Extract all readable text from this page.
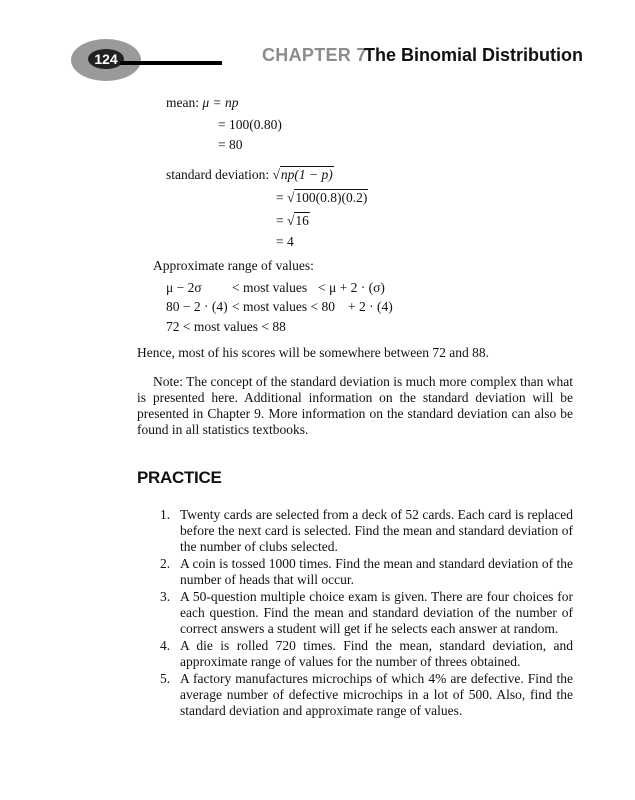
124	CHAPTER 7
The Binomial Distribution
mean: μ = np
= 100(0.80)
= 80
standard deviation: √np(1 − p)
= √100(0.8)(0.2)
= √16
= 4
Approximate range of values:
μ − 2σ < most values < μ + 2 · (σ)
80 − 2 · (4) < most values < 80 + 2 · (4)
72 < most values < 88
Hence, most of his scores will be somewhere between 72 and 88.
Note: The concept of the standard deviation is much more complex than what is presented here. Additional information on the standard deviation will be presented in Chapter 9. More information on the standard deviation can also be found in all statistics textbooks.
PRACTICE
1. Twenty cards are selected from a deck of 52 cards. Each card is replaced before the next card is selected. Find the mean and standard deviation of the number of clubs selected.
2. A coin is tossed 1000 times. Find the mean and standard deviation of the number of heads that will occur.
3. A 50-question multiple choice exam is given. There are four choices for each question. Find the mean and standard deviation of the number of correct answers a student will get if he selects each answer at random.
4. A die is rolled 720 times. Find the mean, standard deviation, and approximate range of values for the number of threes obtained.
5. A factory manufactures microchips of which 4% are defective. Find the average number of defective microchips in a lot of 500. Also, find the standard deviation and approximate range of values.
